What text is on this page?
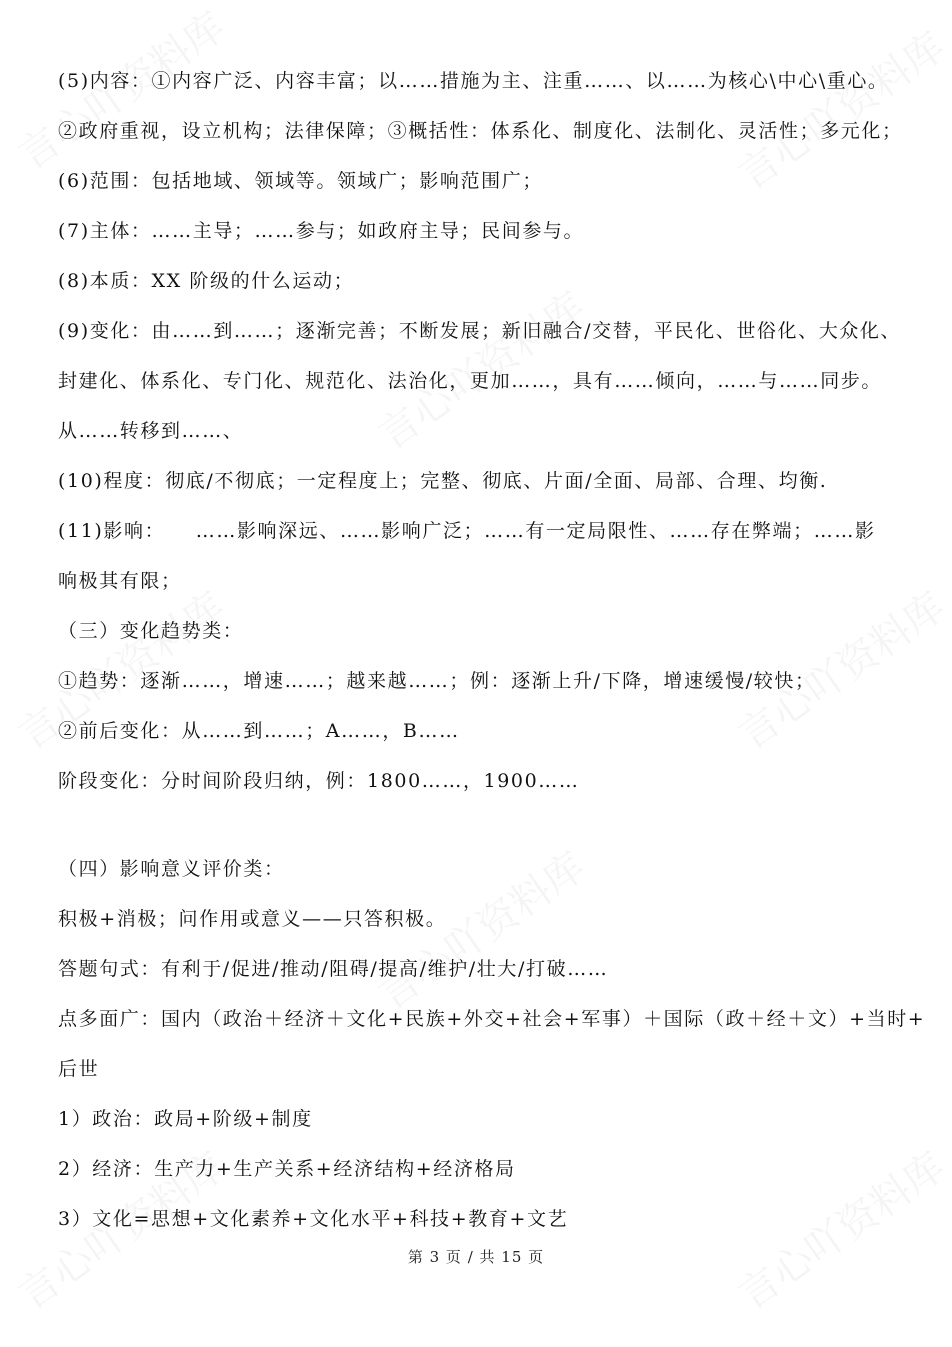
(5)内容：①内容广泛、内容丰富；以……措施为主、注重……、以……为核心\中心\重心。
②政府重视，设立机构；法律保障；③概括性：体系化、制度化、法制化、灵活性；多元化；
(6)范围：包括地域、领域等。领域广；影响范围广；
(7)主体：……主导；……参与；如政府主导；民间参与。
(8)本质：XX 阶级的什么运动；
(9)变化：由……到……；逐渐完善；不断发展；新旧融合/交替，平民化、世俗化、大众化、
封建化、体系化、专门化、规范化、法治化，更加……，具有……倾向，……与……同步。
从……转移到……、
(10)程度：彻底/不彻底；一定程度上；完整、彻底、片面/全面、局部、合理、均衡.
(11)影响：    ……影响深远、……影响广泛；……有一定局限性、……存在弊端；……影
响极其有限；
（三）变化趋势类：
①趋势：逐渐……，增速……；越来越……；例：逐渐上升/下降，增速缓慢/较快；
②前后变化：从……到……；A……，B……
阶段变化：分时间阶段归纳，例：1800……，1900……
（四）影响意义评价类：
积极+消极；问作用或意义——只答积极。
答题句式：有利于/促进/推动/阻碍/提高/维护/壮大/打破……
点多面广：国内（政治＋经济＋文化+民族+外交+社会+军事）＋国际（政＋经＋文）+当时+
后世
1）政治：政局+阶级+制度
2）经济：生产力+生产关系+经济结构+经济格局
3）文化=思想+文化素养+文化水平+科技+教育+文艺
第 3 页 / 共 15 页
